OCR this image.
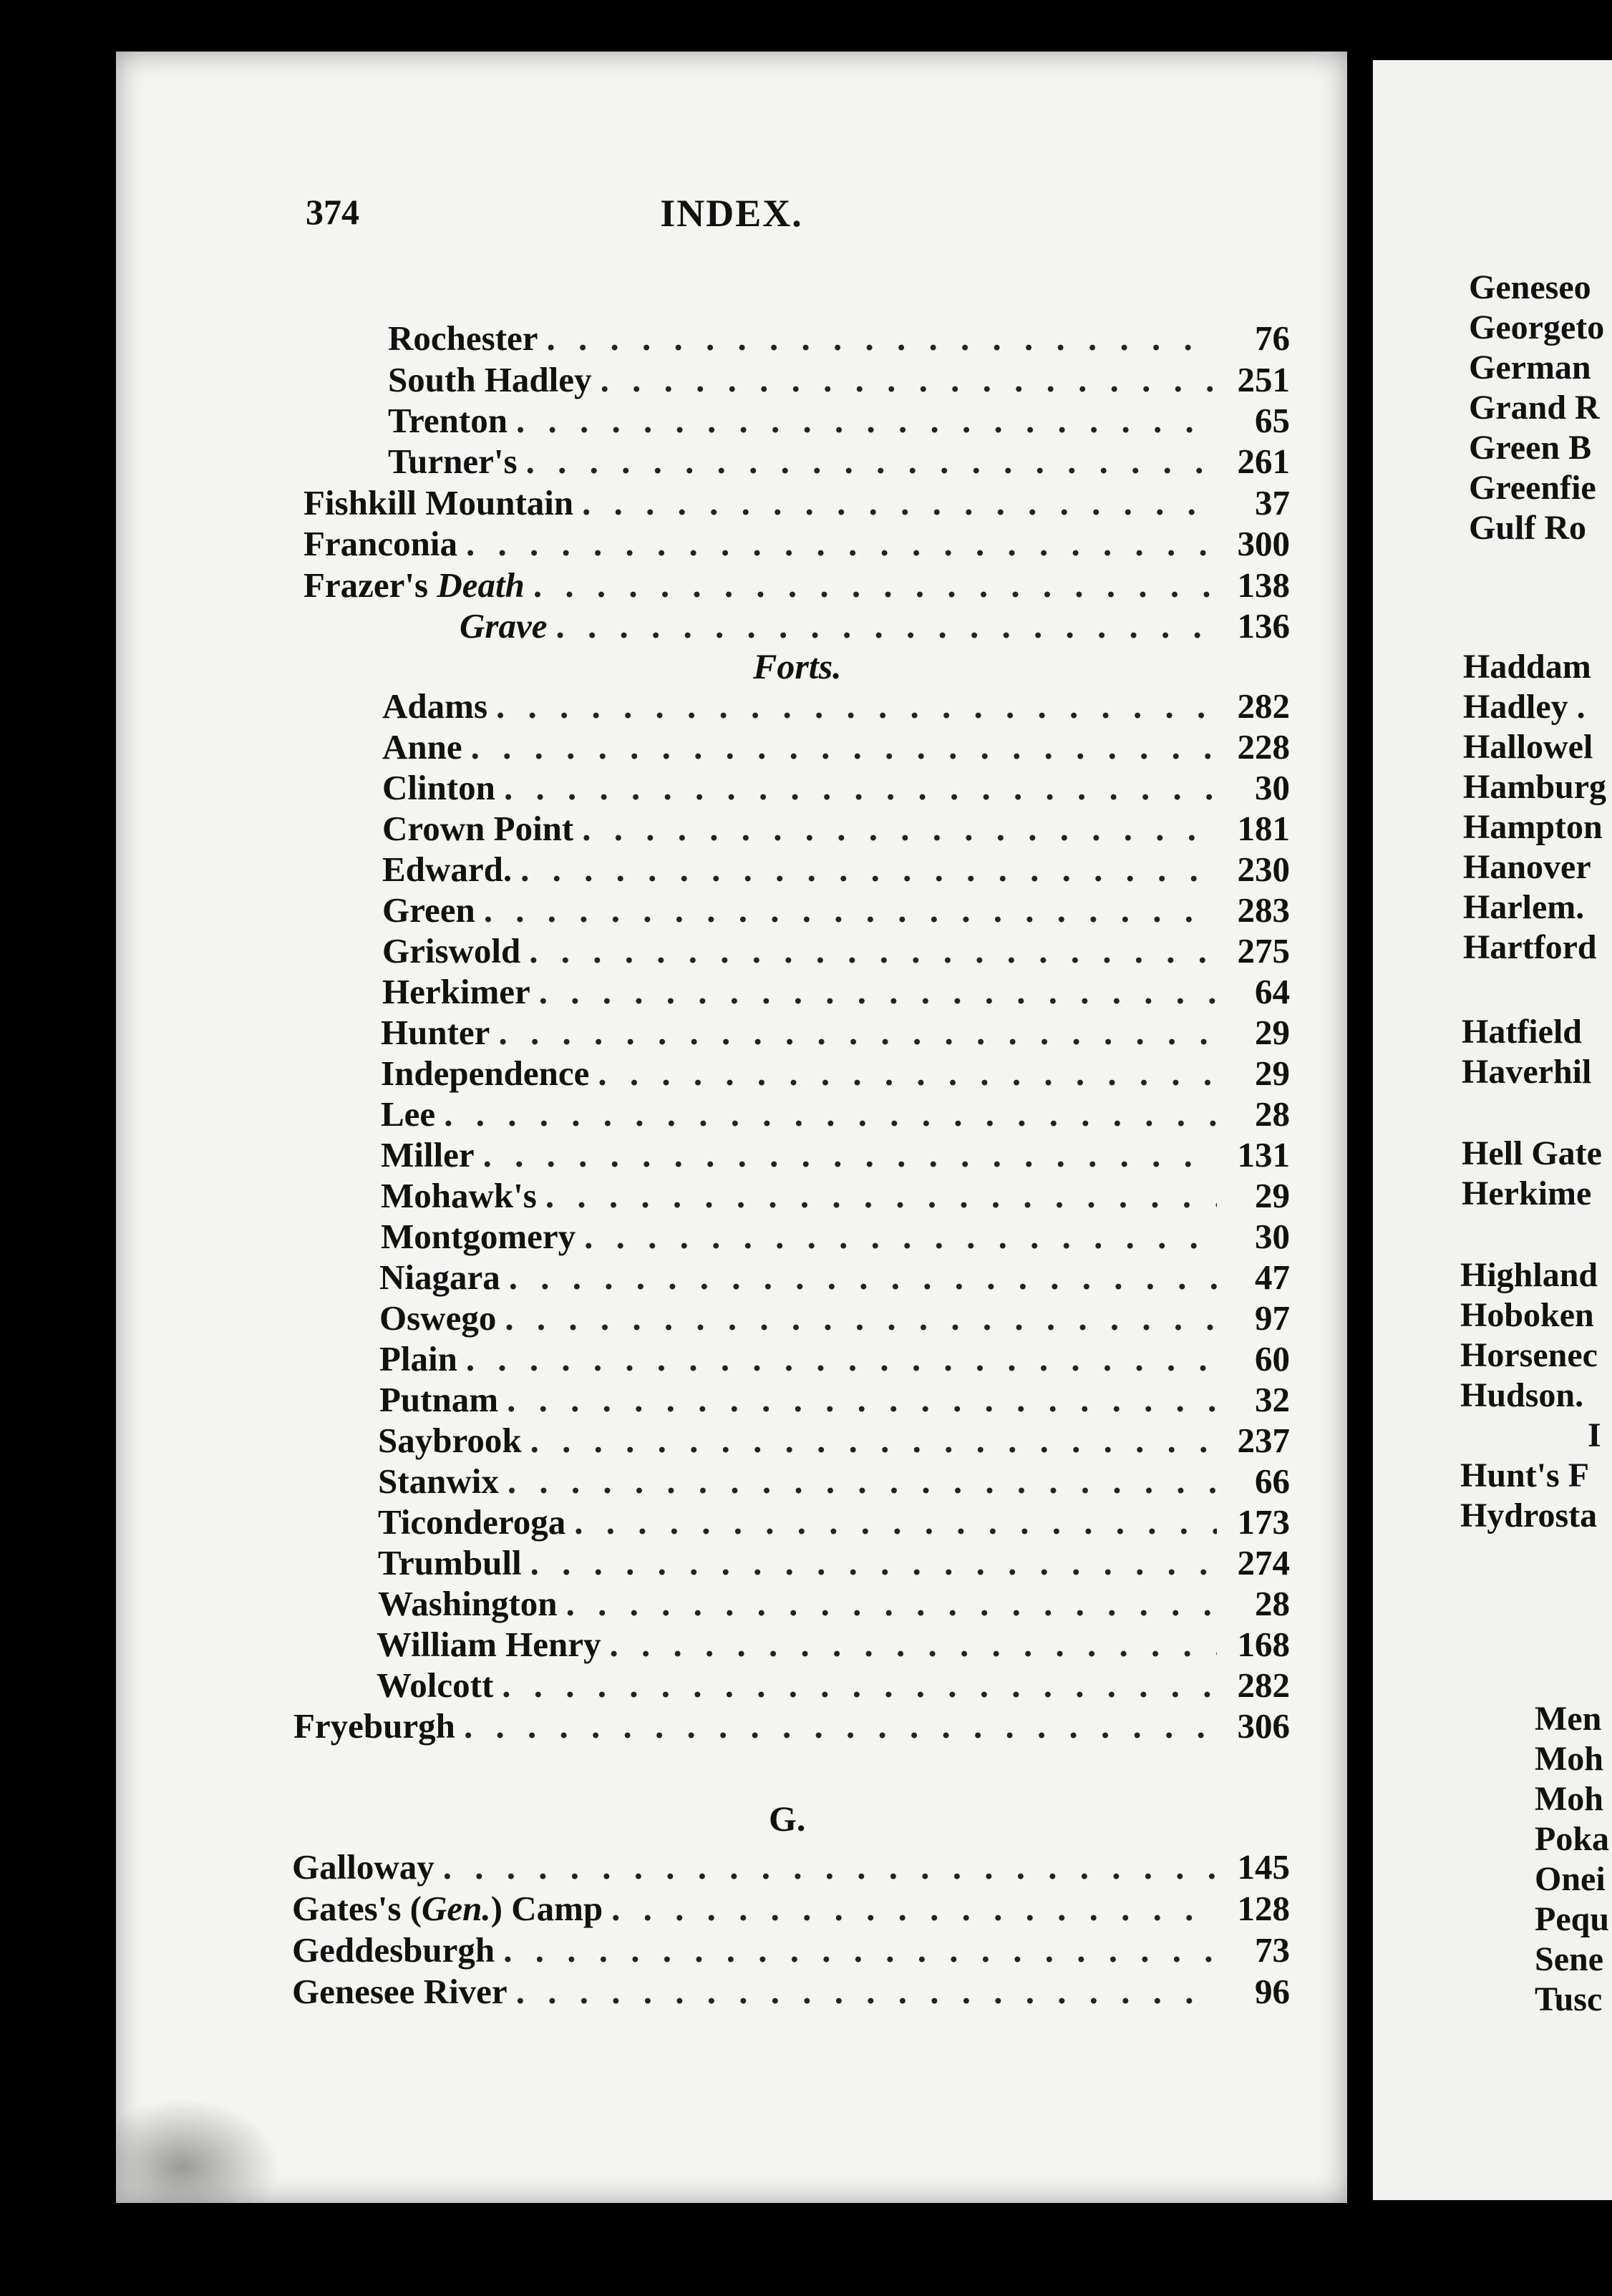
374	INDEX.
Rochester . . .	76
South Hadley . . .	251
Trenton . . .	65
Turner's . . .	261
Fishkill Mountain . . .	37
Franconia . . .	300
Frazer's Death . . .	138
Grave . . .	136
Forts.
Adams . . .	282
Anne . . .	228
Clinton . . .	30
Crown Point . . .	181
Edward. . . .	230
Green . . .	283
Griswold . . .	275
Herkimer . . .	64
Hunter . . .	29
Independence . . .	29
Lee . . .	28
Miller . . .	131
Mohawk's . . .	29
Montgomery . . .	30
Niagara . . .	47
Oswego . . .	97
Plain . . .	60
Putnam . . .	32
Saybrook . . .	237
Stanwix . . .	66
Ticonderoga . . .	173
Trumbull . . .	274
Washington . . .	28
William Henry . . .	168
Wolcott . . .	282
Fryeburgh . . .	306
G.
Galloway . . .	145
Gates's (Gen.) Camp . . .	128
Geddesburgh . . .	73
Genesee River . . .	96
Geneseo
Georgeto
German
Grand R
Green B
Greenfie
Gulf Ro
Haddam
Hadley .
Hallowel
Hamburg
Hampton
Hanover
Harlem.
Hartford
Hatfield
Haverhil
Hell Gate
Herkime
Highland
Hoboken
Horsenec
Hudson.
I
Hunt's F
Hydrosta
Men
Moh
Moh
Poka
Onei
Pequ
Sene
Tusc
